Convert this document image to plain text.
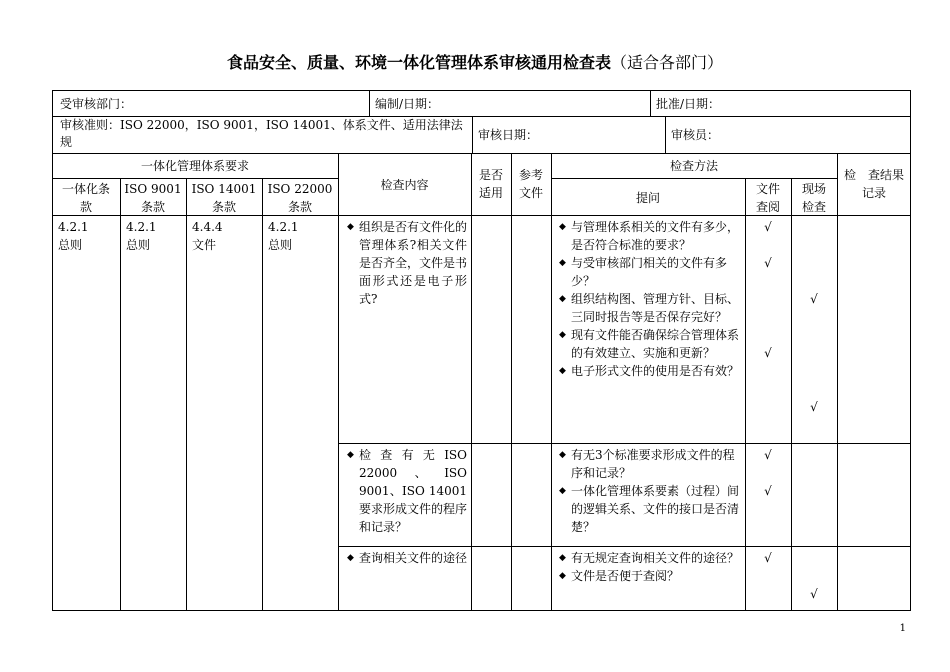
食品安全、质量、环境一体化管理体系审核通用检查表（适合各部门）
受审核部门：	编制/日期：	批准/日期：
审核准则：ISO 22000，ISO 9001，ISO 14001、体系文件、适用法律法规	审核日期：	审核员：
一体化管理体系要求
一体化条款
ISO 9001条款
ISO 14001条款
ISO 22000条款
检查内容
是否适用
参考文件
检查方法
提问
文件查阅
现场检查
检　查结果记录
4.2.1总则
4.2.1总则
4.4.4文件
4.2.1总则
◆ 组织是否有文件化的管理体系?相关文件是否齐全，文件是书面形式还是电子形式?
◆ 与管理体系相关的文件有多少，是否符合标准的要求？
◆ 与受审核部门相关的文件有多少？
◆ 组织结构图、管理方针、目标、三同时报告等是否保存完好？
◆ 现有文件能否确保综合管理体系的有效建立、实施和更新？
◆ 电子形式文件的使用是否有效？
√
√
√
√
√
◆ 检查有无ISO 22000、ISO 9001、ISO 14001要求形成文件的程序和记录？
◆ 有无3个标准要求形成文件的程序和记录？
◆ 一体化管理体系要素（过程）间的逻辑关系、文件的接口是否清楚？
√
√
◆ 查询相关文件的途径
◆	有无规定查询相关文件的途径？
◆ 文件是否便于查阅？
√
√
1
